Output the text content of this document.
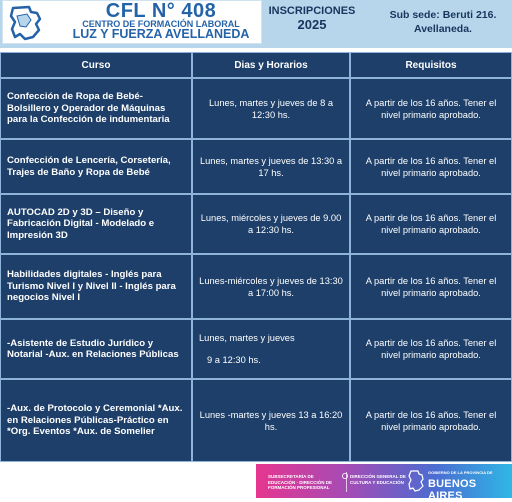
CFL N° 408
CENTRO DE FORMACIÓN LABORAL
LUZ Y FUERZA AVELLANEDA
INSCRIPCIONES
2025
Sub sede: Beruti 216.
Avellaneda.
Curso	Dias y Horarios	Requisitos
Confección de Ropa de Bebé- Bolsillero y Operador de Máquinas para la Confección de indumentaria
Lunes, martes y jueves de 8 a 12:30 hs.
A partir de los 16 años. Tener el nivel primario aprobado.
Confección de Lencería, Corsetería, Trajes de Baño y Ropa de Bebé
Lunes, martes y jueves de 13:30 a 17 hs.
A partir de los 16 años. Tener el nivel primario aprobado.
AUTOCAD 2D y 3D – Diseño y Fabricación Digital - Modelado e Impresión 3D
Lunes, miércoles y jueves de 9.00 a 12:30 hs.
A partir de los 16 años. Tener el nivel primario aprobado.
Habilidades digitales - Inglés para Turismo Nivel I y Nivel II - Inglés para negocios Nivel I
Lunes-miércoles y jueves de 13:30 a 17:00 hs.
A partir de los 16 años. Tener el nivel primario aprobado.
-Asistente de Estudio Jurídico y Notarial -Aux. en Relaciones Públicas
Lunes, martes y jueves
9 a 12:30 hs.
A partir de los 16 años. Tener el nivel primario aprobado.
-Aux. de Protocolo y Ceremonial *Aux. en Relaciones Públicas-Práctico en *Org. Eventos *Aux. de Somelier
Lunes -martes y jueves 13 a 16:20 hs.
A partir de los 16 años. Tener el nivel primario aprobado.
SUBSECRETARÍA DE EDUCACIÓN · DIRECCIÓN DE FORMACIÓN PROFESIONAL
DIRECCIÓN GENERAL DE CULTURA Y EDUCACIÓN
GOBIERNO DE LA PROVINCIA DE
BUENOS AIRES
